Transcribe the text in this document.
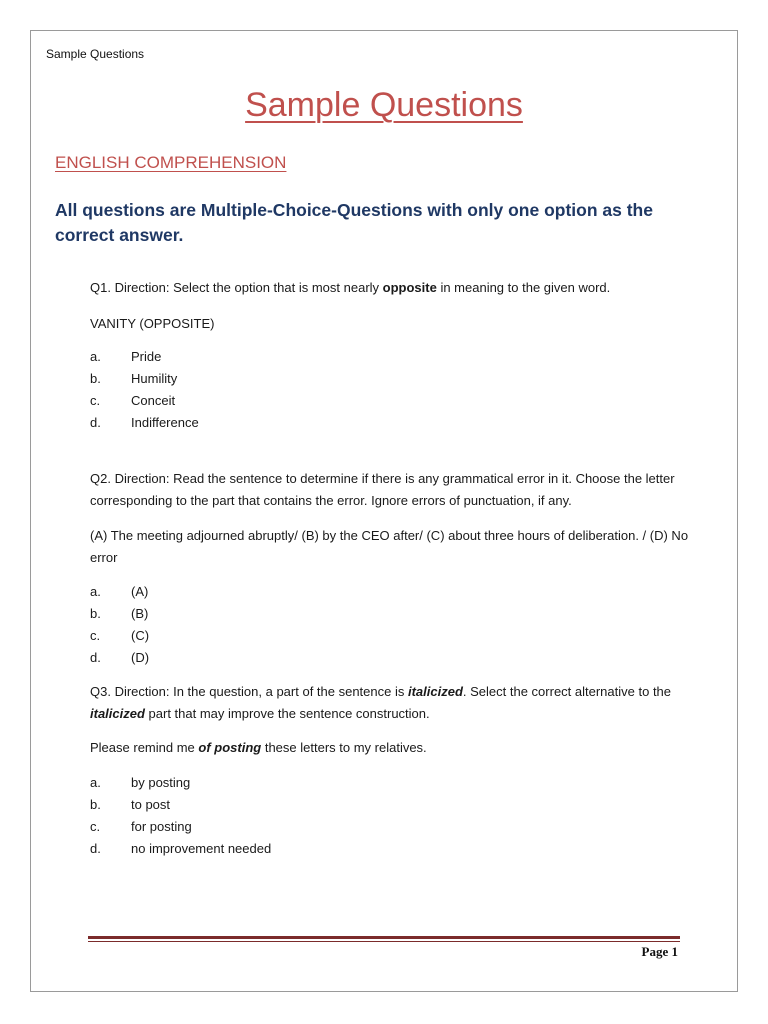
Sample Questions
Sample Questions
ENGLISH COMPREHENSION

All questions are Multiple-Choice-Questions with only one option as the correct answer.

Q1. Direction: Select the option that is most nearly opposite in meaning to the given word.

VANITY (OPPOSITE)

a.	Pride
b.	Humility
c.	Conceit
d.	Indifference

Q2. Direction: Read the sentence to determine if there is any grammatical error in it. Choose the letter corresponding to the part that contains the error. Ignore errors of punctuation, if any.

(A) The meeting adjourned abruptly/ (B) by the CEO after/ (C) about three hours of deliberation. / (D) No error

a.	(A)
b.	(B)
c.	(C)
d.	(D)

Q3. Direction: In the question, a part of the sentence is italicized. Select the correct alternative to the italicized part that may improve the sentence construction.

Please remind me of posting these letters to my relatives.

a.	by posting
b.	to post
c.	for posting
d.	no improvement needed
Page 1
